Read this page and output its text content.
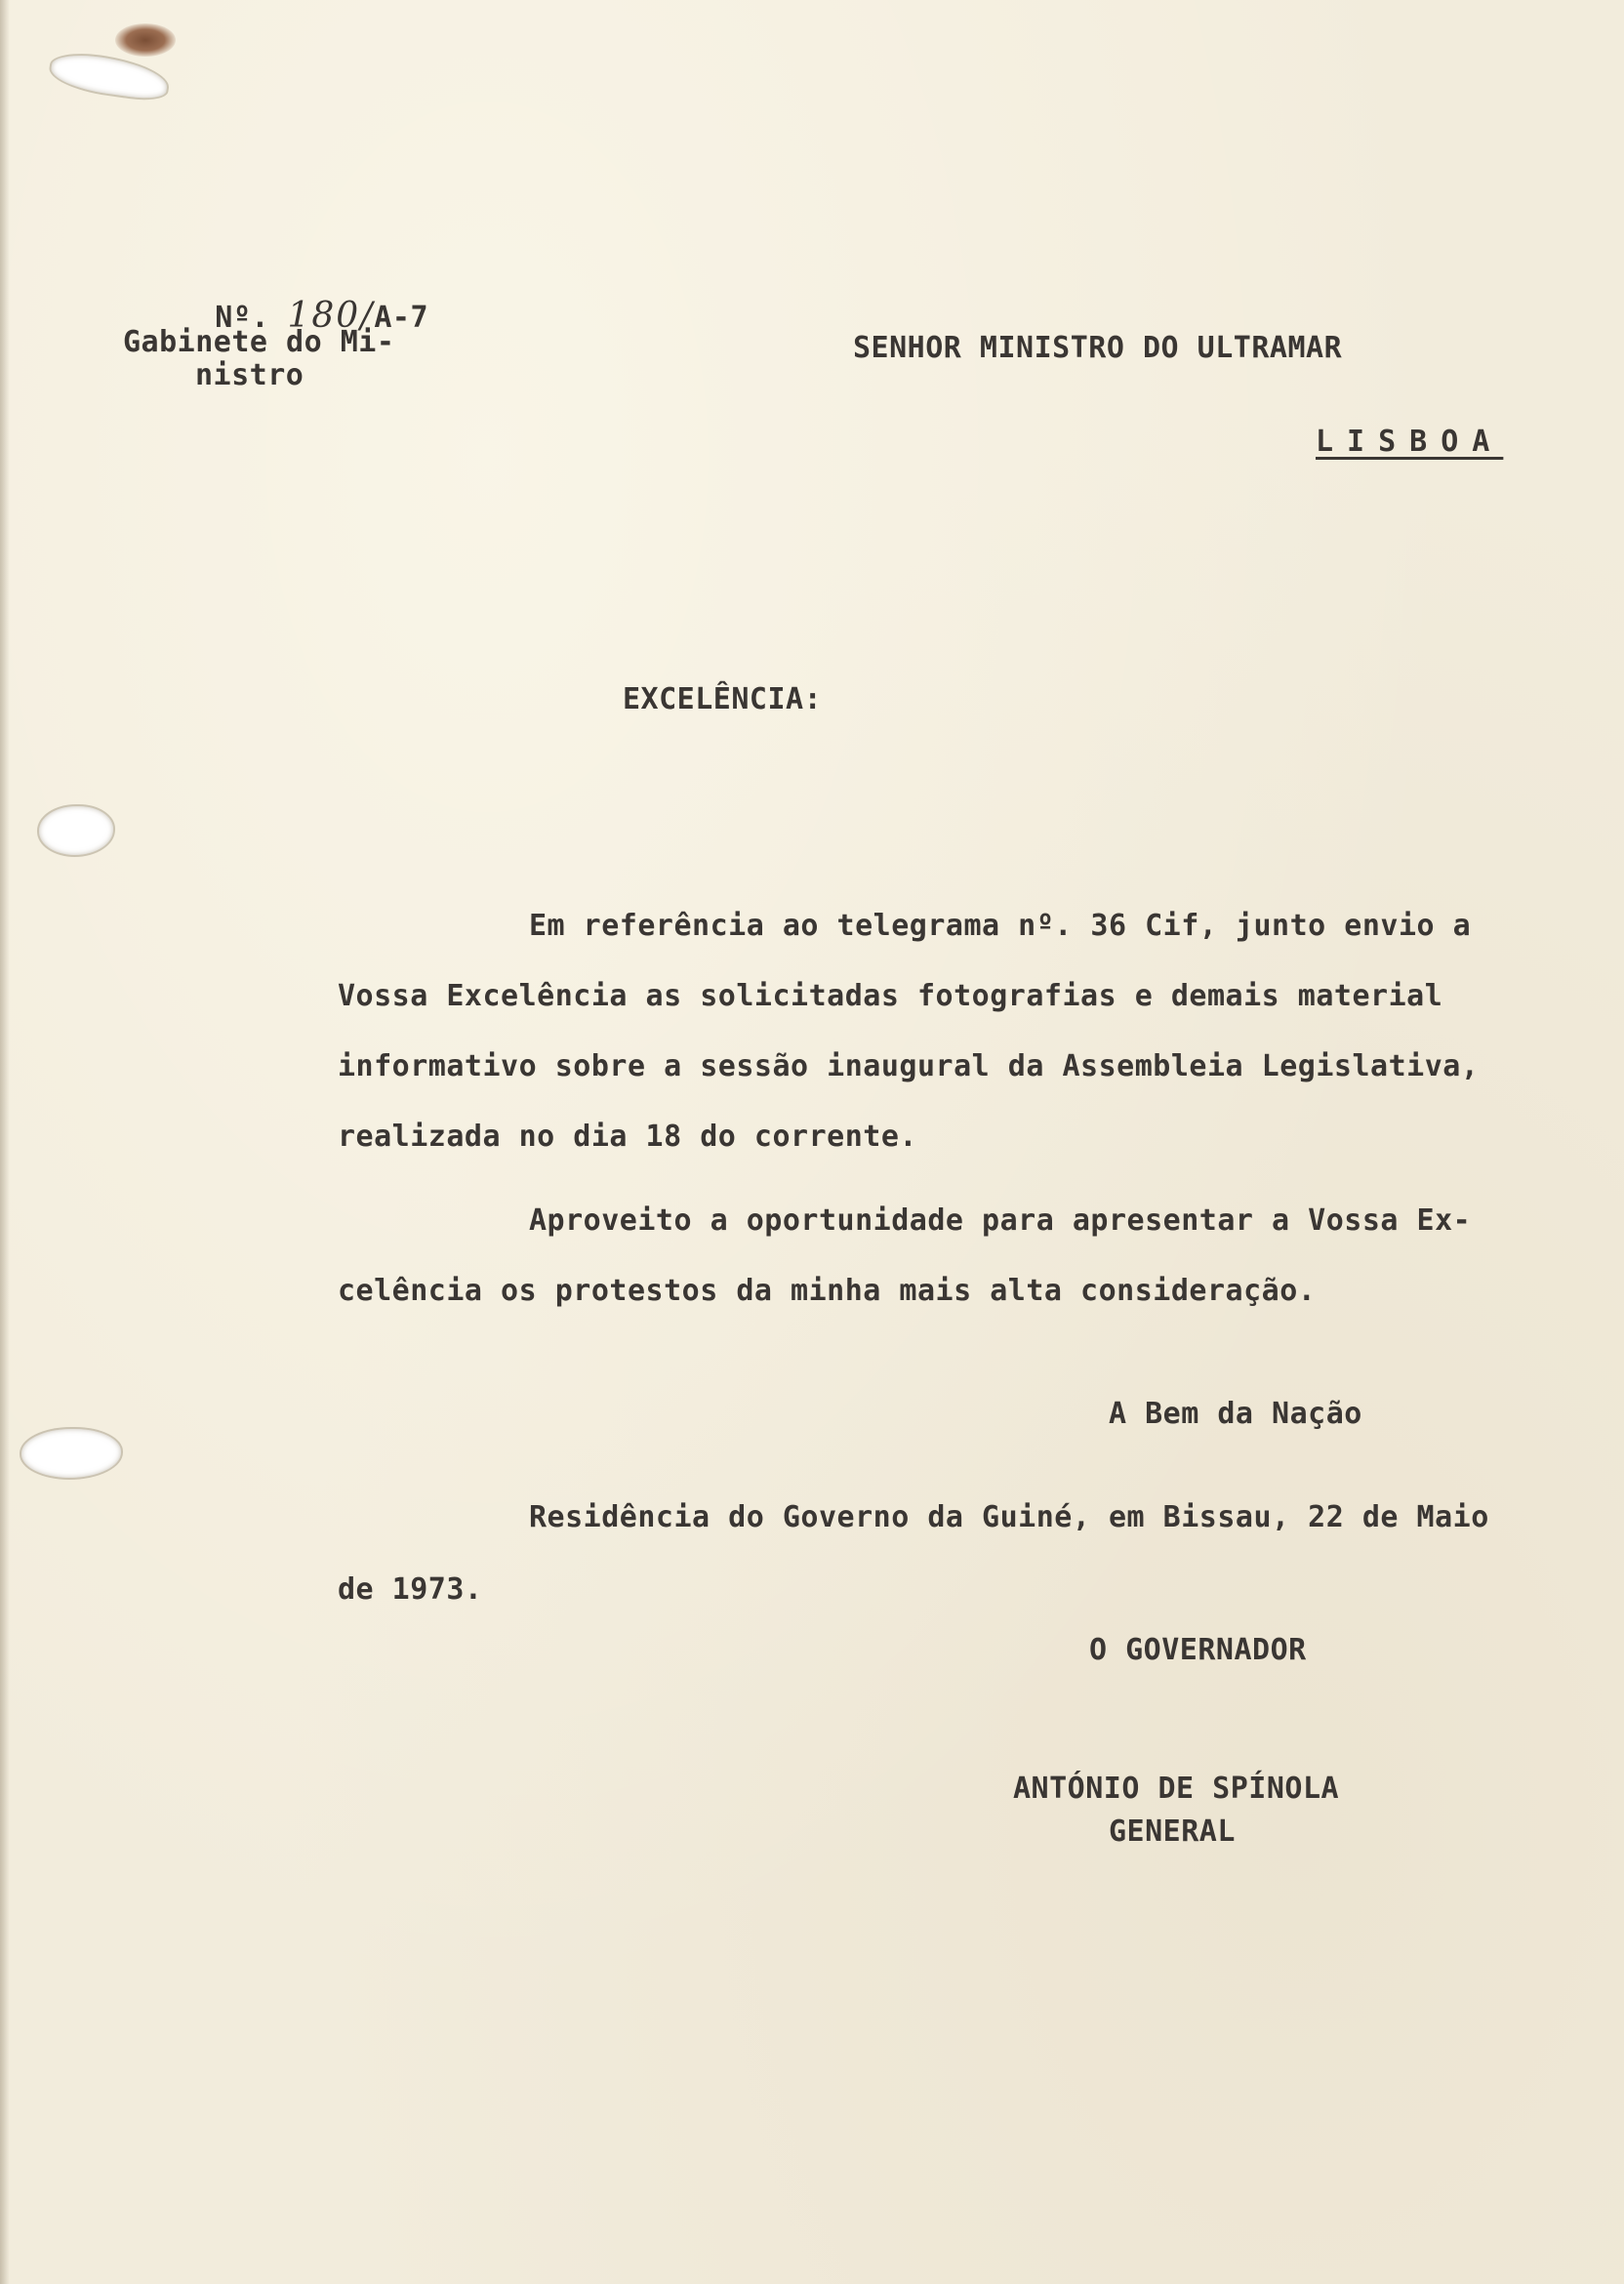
Nº. 180/A-7

Gabinete do Mi-
nistro
SENHOR MINISTRO DO ULTRAMAR
LISBOA
EXCELÊNCIA:
Em referência ao telegrama nº. 36 Cif, junto envio a
Vossa Excelência as solicitadas fotografias e demais material
informativo sobre a sessão inaugural da Assembleia Legislativa,
realizada no dia 18 do corrente.
Aproveito a oportunidade para apresentar a Vossa Ex-
celência os protestos da minha mais alta consideração.
A Bem da Nação
Residência do Governo da Guiné, em Bissau, 22 de Maio
de 1973.
O GOVERNADOR
ANTÓNIO DE SPÍNOLA
GENERAL
